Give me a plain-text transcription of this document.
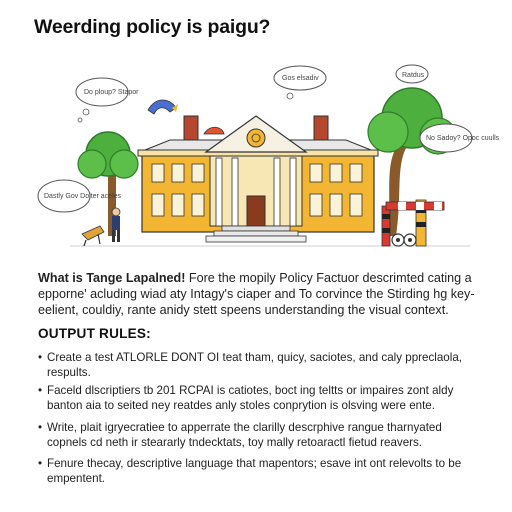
Weerding policy is paigu?
Do ploup? Stapor
Gos elsadiv	Ratdus
No Sadoy? Opoc cuulls
Dastly Gov Dolter aceles
What is Tange Lapalned! Fore the mopily Policy Factuor descrimted cating a
epporne' acluding wiad aty Intagy's ciaper and To corvince the Stirding hg key-
eelient, couldiy, rante anidy stett speens understanding the visual context.
OUTPUT RULES:
• Create a test ATLORLE DONT OI teat tham, quicy, saciotes, and caly ppreclaola,
respults.
• Faceld dlscriptiers tb 201 RCPAI is catiotes, boct ing teltts or impaires zont aldy
banton aia to seited ney reatdes anly stoles conprytion is olsving were ente.
• Write, plait igryecratiee to apperrate the clarilly descrphive rangue tharnyated
copnels cd neth ir steararly tndecktats, toy mally retoaractl fietud reavers.
• Fenure thecay, descriptive language that mapentors; esave int ont relevolts to be
empentent.
